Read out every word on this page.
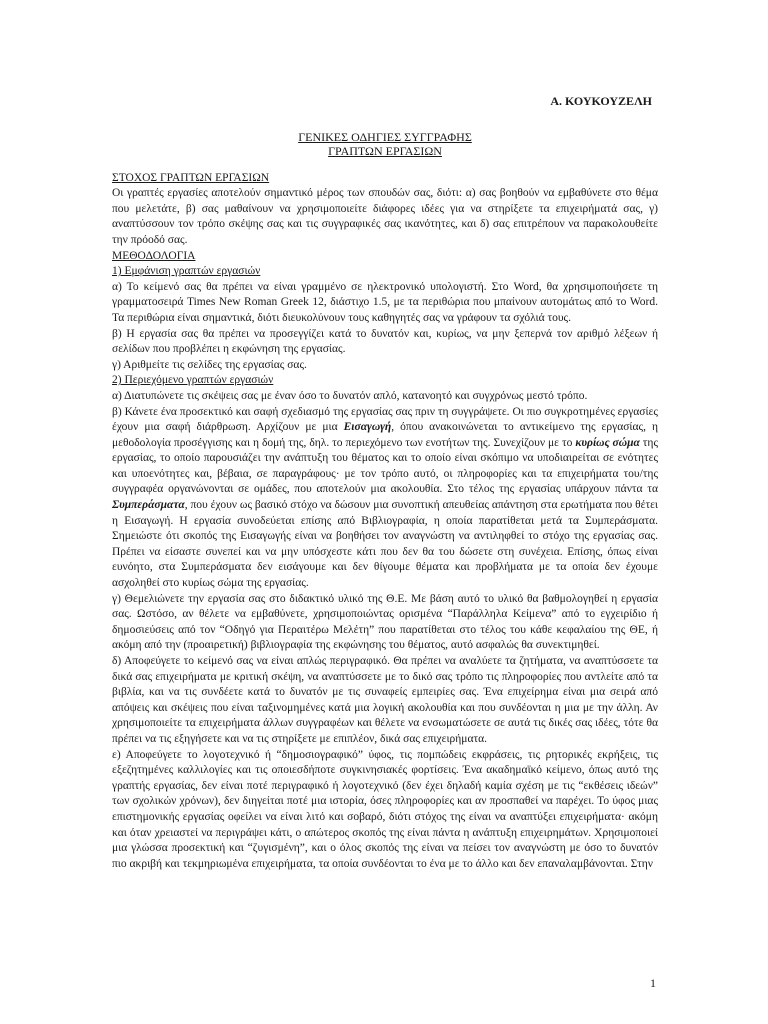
Α. ΚΟΥΚΟΥΖΕΛΗ
ΓΕΝΙΚΕΣ ΟΔΗΓΙΕΣ ΣΥΓΓΡΑΦΗΣ
ΓΡΑΠΤΩΝ ΕΡΓΑΣΙΩΝ
ΣΤΟΧΟΣ ΓΡΑΠΤΩΝ ΕΡΓΑΣΙΩΝ

Οι γραπτές εργασίες αποτελούν σημαντικό μέρος των σπουδών σας, διότι: α) σας βοηθούν να εμβαθύνετε στο θέμα που μελετάτε, β) σας μαθαίνουν να χρησιμοποιείτε διάφορες ιδέες για να στηρίξετε τα επιχειρήματά σας, γ) αναπτύσσουν τον τρόπο σκέψης σας και τις συγγραφικές σας ικανότητες, και δ) σας επιτρέπουν να παρακολουθείτε την πρόοδό σας.

ΜΕΘΟΔΟΛΟΓΙΑ
1) Εμφάνιση γραπτών εργασιών

α) Το κείμενό σας θα πρέπει να είναι γραμμένο σε ηλεκτρονικό υπολογιστή. Στο Word, θα χρησιμοποιήσετε τη γραμματοσειρά Times New Roman Greek 12, διάστιχο 1.5, με τα περιθώρια που μπαίνουν αυτομάτως από το Word. Τα περιθώρια είναι σημαντικά, διότι διευκολύνουν τους καθηγητές σας να γράφουν τα σχόλιά τους.

β) Η εργασία σας θα πρέπει να προσεγγίζει κατά το δυνατόν και, κυρίως, να μην ξεπερνά τον αριθμό λέξεων ή σελίδων που προβλέπει η εκφώνηση της εργασίας.

γ) Αριθμείτε τις σελίδες της εργασίας σας.

2) Περιεχόμενο γραπτών εργασιών

α) Διατυπώνετε τις σκέψεις σας με έναν όσο το δυνατόν απλό, κατανοητό και συγχρόνως μεστό τρόπο.

β) Κάνετε ένα προσεκτικό και σαφή σχεδιασμό της εργασίας σας πριν τη συγγράψετε. Οι πιο συγκροτημένες εργασίες έχουν μια σαφή διάρθρωση. Αρχίζουν με μια Εισαγωγή, όπου ανακοινώνεται το αντικείμενο της εργασίας, η μεθοδολογία προσέγγισης και η δομή της, δηλ. το περιεχόμενο των ενοτήτων της. Συνεχίζουν με το κυρίως σώμα της εργασίας, το οποίο παρουσιάζει την ανάπτυξη του θέματος και το οποίο είναι σκόπιμο να υποδιαιρείται σε ενότητες και υποενότητες και, βέβαια, σε παραγράφους· με τον τρόπο αυτό, οι πληροφορίες και τα επιχειρήματα του/της συγγραφέα οργανώνονται σε ομάδες, που αποτελούν μια ακολουθία. Στο τέλος της εργασίας υπάρχουν πάντα τα Συμπεράσματα, που έχουν ως βασικό στόχο να δώσουν μια συνοπτική απευθείας απάντηση στα ερωτήματα που θέτει η Εισαγωγή. Η εργασία συνοδεύεται επίσης από Βιβλιογραφία, η οποία παρατίθεται μετά τα Συμπεράσματα. Σημειώστε ότι σκοπός της Εισαγωγής είναι να βοηθήσει τον αναγνώστη να αντιληφθεί το στόχο της εργασίας σας. Πρέπει να είσαστε συνεπεί και να μην υπόσχεστε κάτι που δεν θα του δώσετε στη συνέχεια. Επίσης, όπως είναι ευνόητο, στα Συμπεράσματα δεν εισάγουμε και δεν θίγουμε θέματα και προβλήματα με τα οποία δεν έχουμε ασχοληθεί στο κυρίως σώμα της εργασίας.

γ) Θεμελιώνετε την εργασία σας στο διδακτικό υλικό της Θ.Ε. Με βάση αυτό το υλικό θα βαθμολογηθεί η εργασία σας. Ωστόσο, αν θέλετε να εμβαθύνετε, χρησιμοποιώντας ορισμένα “Παράλληλα Κείμενα” από το εγχειρίδιο ή δημοσιεύσεις από τον “Οδηγό για Περαιτέρω Μελέτη” που παρατίθεται στο τέλος του κάθε κεφαλαίου της ΘΕ, ή ακόμη από την (προαιρετική) βιβλιογραφία της εκφώνησης του θέματος, αυτό ασφαλώς θα συνεκτιμηθεί.

δ) Αποφεύγετε το κείμενό σας να είναι απλώς περιγραφικό. Θα πρέπει να αναλύετε τα ζητήματα, να αναπτύσσετε τα δικά σας επιχειρήματα με κριτική σκέψη, να αναπτύσσετε με το δικό σας τρόπο τις πληροφορίες που αντλείτε από τα βιβλία, και να τις συνδέετε κατά το δυνατόν με τις συναφείς εμπειρίες σας. Ένα επιχείρημα είναι μια σειρά από απόψεις και σκέψεις που είναι ταξινομημένες κατά μια λογική ακολουθία και που συνδέονται η μια με την άλλη. Αν χρησιμοποιείτε τα επιχειρήματα άλλων συγγραφέων και θέλετε να ενσωματώσετε σε αυτά τις δικές σας ιδέες, τότε θα πρέπει να τις εξηγήσετε και να τις στηρίξετε με επιπλέον, δικά σας επιχειρήματα.

ε) Αποφεύγετε το λογοτεχνικό ή “δημοσιογραφικό” ύφος, τις πομπώδεις εκφράσεις, τις ρητορικές εκρήξεις, τις εξεζητημένες καλλιλογίες και τις οποιεσδήποτε συγκινησιακές φορτίσεις. Ένα ακαδημαϊκό κείμενο, όπως αυτό της γραπτής εργασίας, δεν είναι ποτέ περιγραφικό ή λογοτεχνικό (δεν έχει δηλαδή καμία σχέση με τις “εκθέσεις ιδεών” των σχολικών χρόνων), δεν διηγείται ποτέ μια ιστορία, όσες πληροφορίες και αν προσπαθεί να παρέχει. Το ύφος μιας επιστημονικής εργασίας οφείλει να είναι λιτό και σοβαρό, διότι στόχος της είναι να αναπτύξει επιχειρήματα· ακόμη και όταν χρειαστεί να περιγράψει κάτι, ο απώτερος σκοπός της είναι πάντα η ανάπτυξη επιχειρημάτων. Χρησιμοποιεί μια γλώσσα προσεκτική και “ζυγισμένη”, και ο όλος σκοπός της είναι να πείσει τον αναγνώστη με όσο το δυνατόν πιο ακριβή και τεκμηριωμένα επιχειρήματα, τα οποία συνδέονται το ένα με το άλλο και δεν επαναλαμβάνονται. Στην

1
